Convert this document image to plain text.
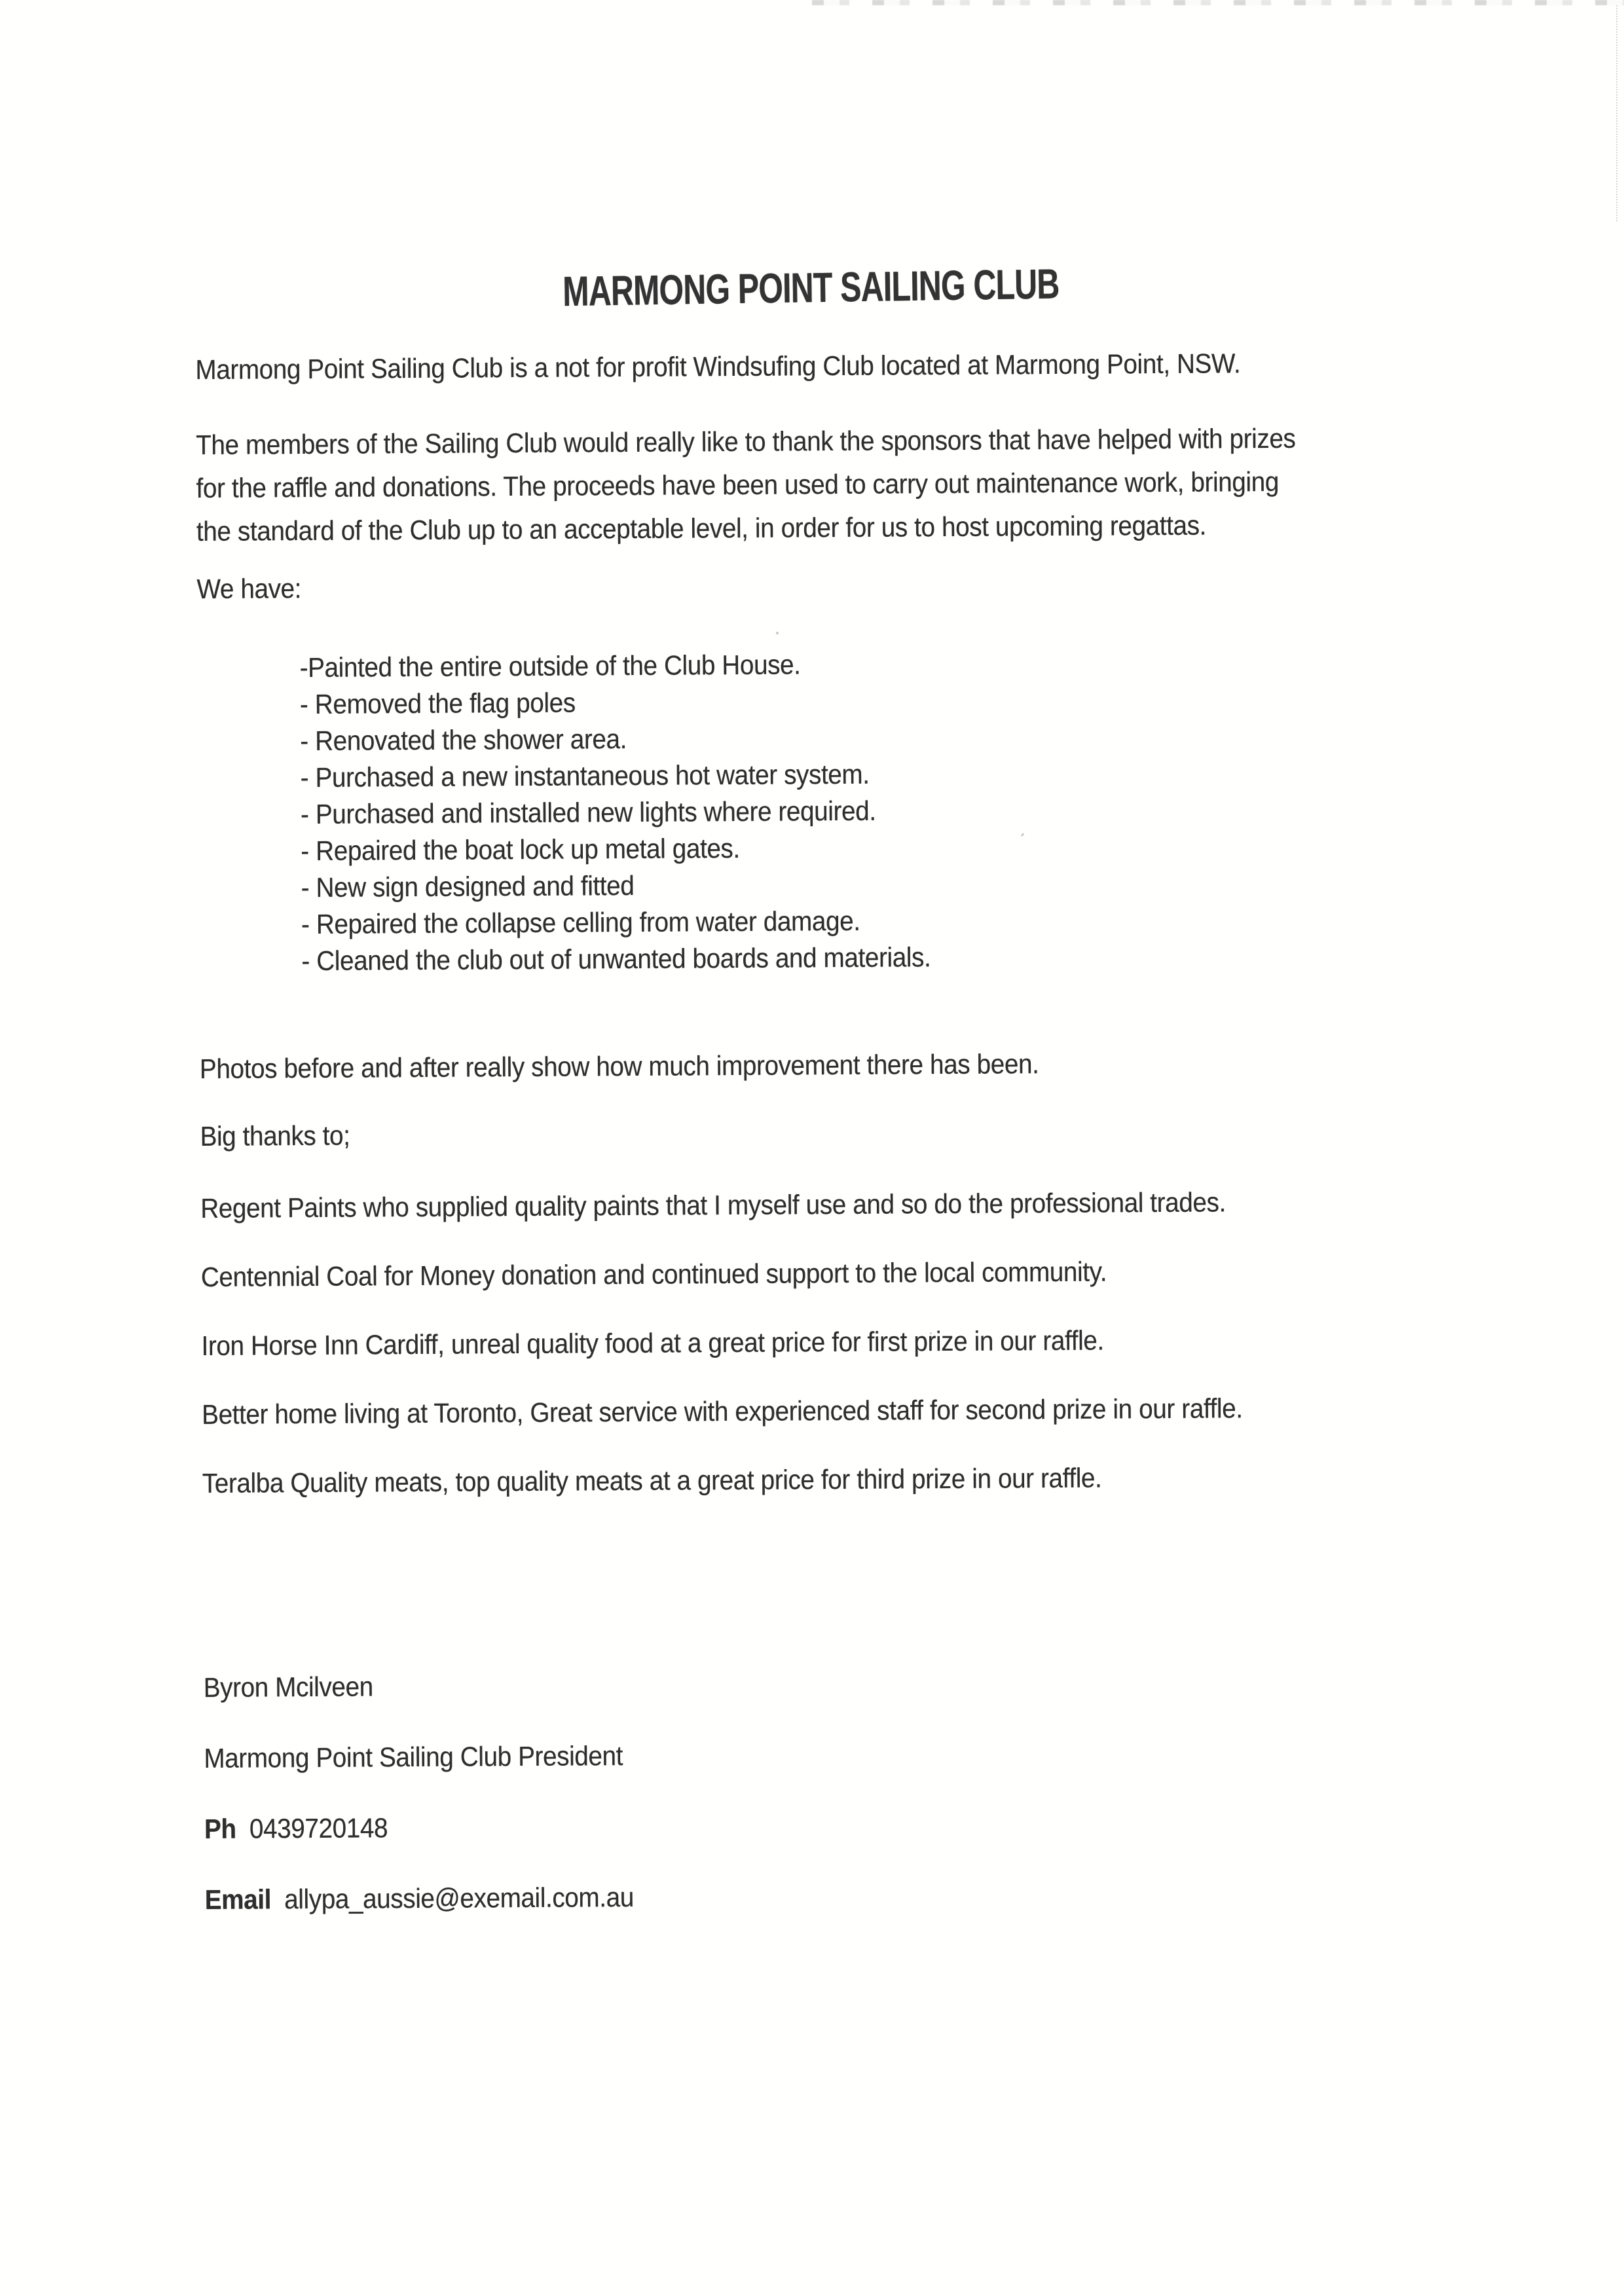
MARMONG POINT SAILING CLUB
Marmong Point Sailing Club is a not for profit Windsufing Club located at Marmong Point, NSW.
The members of the Sailing Club would really like to thank the sponsors that have helped with prizes
for the raffle and donations. The proceeds have been used to carry out maintenance work, bringing
the standard of the Club up to an acceptable level, in order for us to host upcoming regattas.
We have:
-Painted the entire outside of the Club House.
- Removed the flag poles
- Renovated the shower area.
- Purchased a new instantaneous hot water system.
- Purchased and installed new lights where required.
- Repaired the boat lock up metal gates.
- New sign designed and fitted
- Repaired the collapse celling from water damage.
- Cleaned the club out of unwanted boards and materials.
Photos before and after really show how much improvement there has been.
Big thanks to;
Regent Paints who supplied quality paints that I myself use and so do the professional trades.
Centennial Coal for Money donation and continued support to the local community.
Iron Horse Inn Cardiff, unreal quality food at a great price for first prize in our raffle.
Better home living at Toronto, Great service with experienced staff for second prize in our raffle.
Teralba Quality meats, top quality meats at a great price for third prize in our raffle.
Byron Mcilveen
Marmong Point Sailing Club President
Ph 0439720148
Email allypa_aussie@exemail.com.au
